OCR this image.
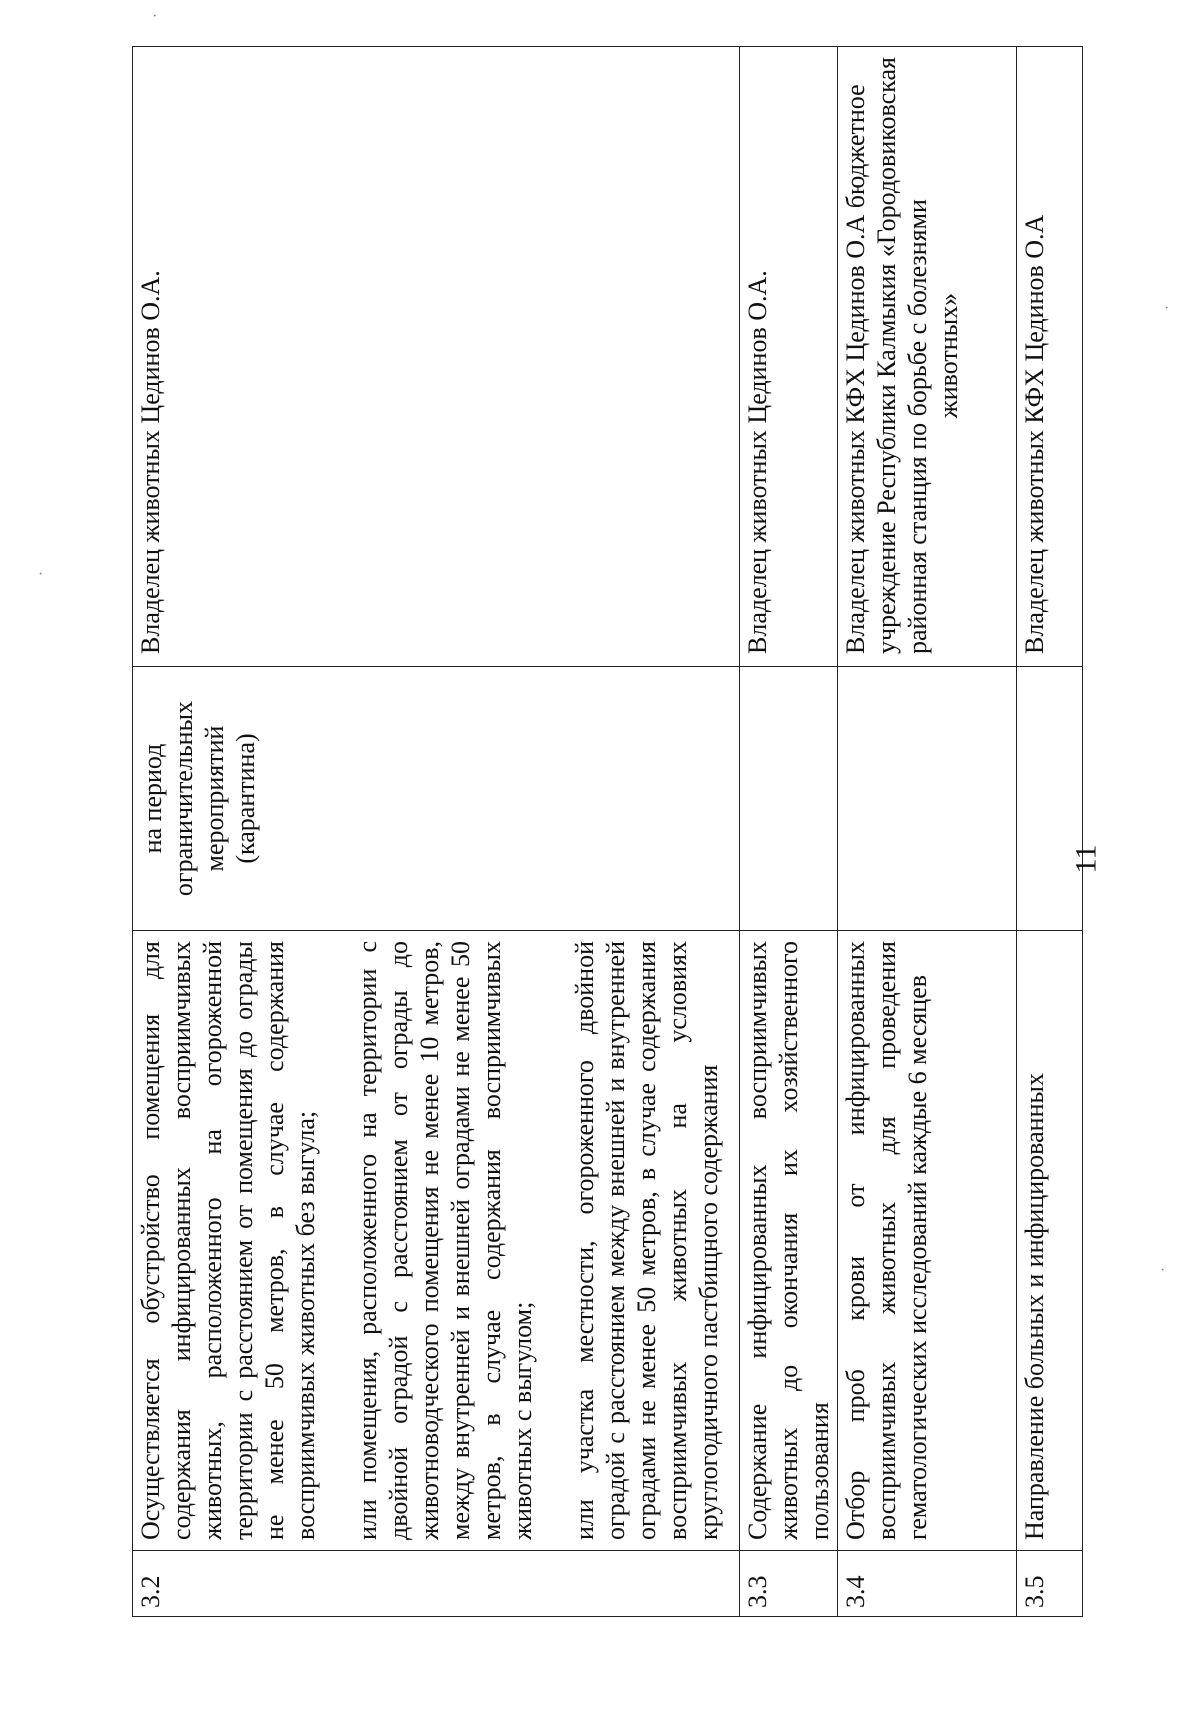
3.2	Осуществляется обустройство помещения для содержания инфицированных восприимчивых животных, расположенного на огороженной территории с расстоянием от помещения до ограды не менее 50 метров, в случае содержания восприимчивых животных без выгула; или помещения, расположенного на территории с двойной оградой с расстоянием от ограды до животноводческого помещения не менее 10 метров, между внутренней и внешней оградами не менее 50 метров, в случае содержания восприимчивых животных с выгулом; или участка местности, огороженного двойной оградой с расстоянием между внешней и внутренней оградами не менее 50 метров, в случае содержания восприимчивых животных на условиях круглогодичного пастбищного содержания	на период ограничительных мероприятий (карантина)	Владелец животных Цединов О.А.
3.3	Содержание инфицированных восприимчивых животных до окончания их хозяйственного пользования		Владелец животных Цединов О.А.
3.4	Отбор проб крови от инфицированных восприимчивых животных для проведения гематологических исследований каждые 6 месяцев		Владелец животных КФХ Цединов О.А бюджетное учреждение Республики Калмыкия «Городовиковская районная станция по борьбе с болезнями животных»

3.5	Направление больных и инфицированных		Владелец животных КФХ Цединов О.А
11
·
·
·
·
